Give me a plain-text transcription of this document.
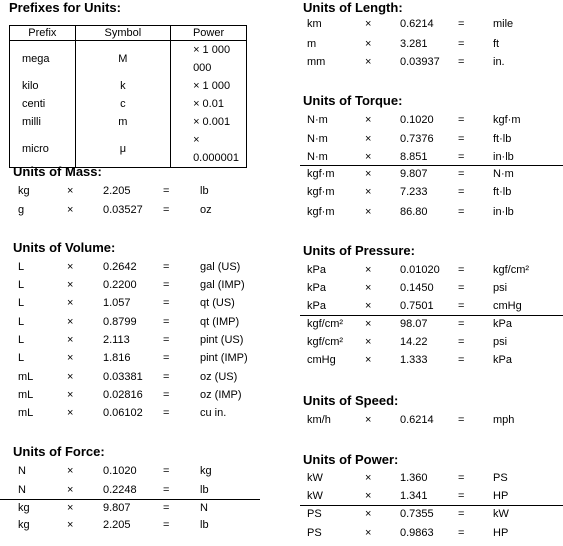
Prefixes for Units:
Prefix	Symbol	Power
mega	M	× 1 000 000
kilo	k	× 1 000
centi	c	× 0.01
milli	m	× 0.001
micro	μ	× 0.000001
Units of Mass:
kg	×	2.205	=	lb
g	×	0.03527 =	oz
Units of Volume:
L	×	0.2642 =	gal (US)
L	×	0.2200 =	gal (IMP)
L	×	1.057	=	qt (US)
L	×	0.8799 =	qt (IMP)
L	×	2.113	=	pint (US)
L	×	1.816	=	pint (IMP)
mL	×	0.03381 =	oz (US)
mL	×	0.02816 =	oz (IMP)
mL	×	0.06102 =	cu in.
Units of Force:
N	×	0.1020 =	kg
N	×	0.2248 =	lb
kg	×	9.807	=	N
kg	×	2.205	=	lb
Units of Length:
km	×	0.6214 =	mile
m	×	3.281	=	ft
mm	×	0.03937 =	in.
Units of Torque:
N·m	×	0.1020 =	kgf·m
N·m	×	0.7376 =	ft·lb
N·m	×	8.851	=	in·lb
kgf·m	×	9.807	=	N·m
kgf·m	×	7.233	=	ft·lb
kgf·m	×	86.80	=	in·lb
Units of Pressure:
kPa	×	0.01020 =	kgf/cm²
kPa	×	0.1450 =	psi
kPa	×	0.7501 =	cmHg
kgf/cm² ×	98.07	=	kPa
kgf/cm² ×	14.22	=	psi
cmHg	×	1.333	=	kPa
Units of Speed:
km/h	×	0.6214 =	mph
Units of Power:
kW	×	1.360	=	PS
kW	×	1.341	=	HP
PS	×	0.7355 =	kW
PS	×	0.9863 =	HP
